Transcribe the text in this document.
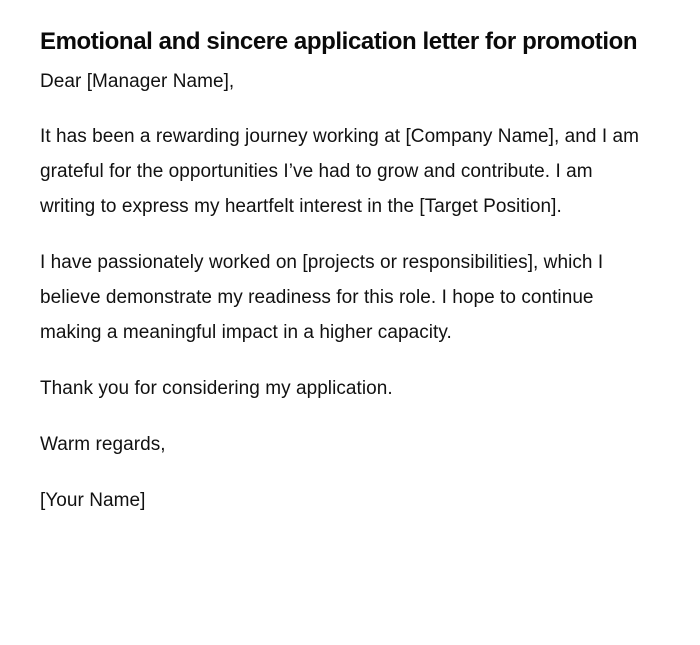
Emotional and sincere application letter for promotion

Dear [Manager Name],

It has been a rewarding journey working at [Company Name], and I am grateful for the opportunities I’ve had to grow and contribute. I am writing to express my heartfelt interest in the [Target Position].

I have passionately worked on [projects or responsibilities], which I believe demonstrate my readiness for this role. I hope to continue making a meaningful impact in a higher capacity.

Thank you for considering my application.

Warm regards,

[Your Name]
